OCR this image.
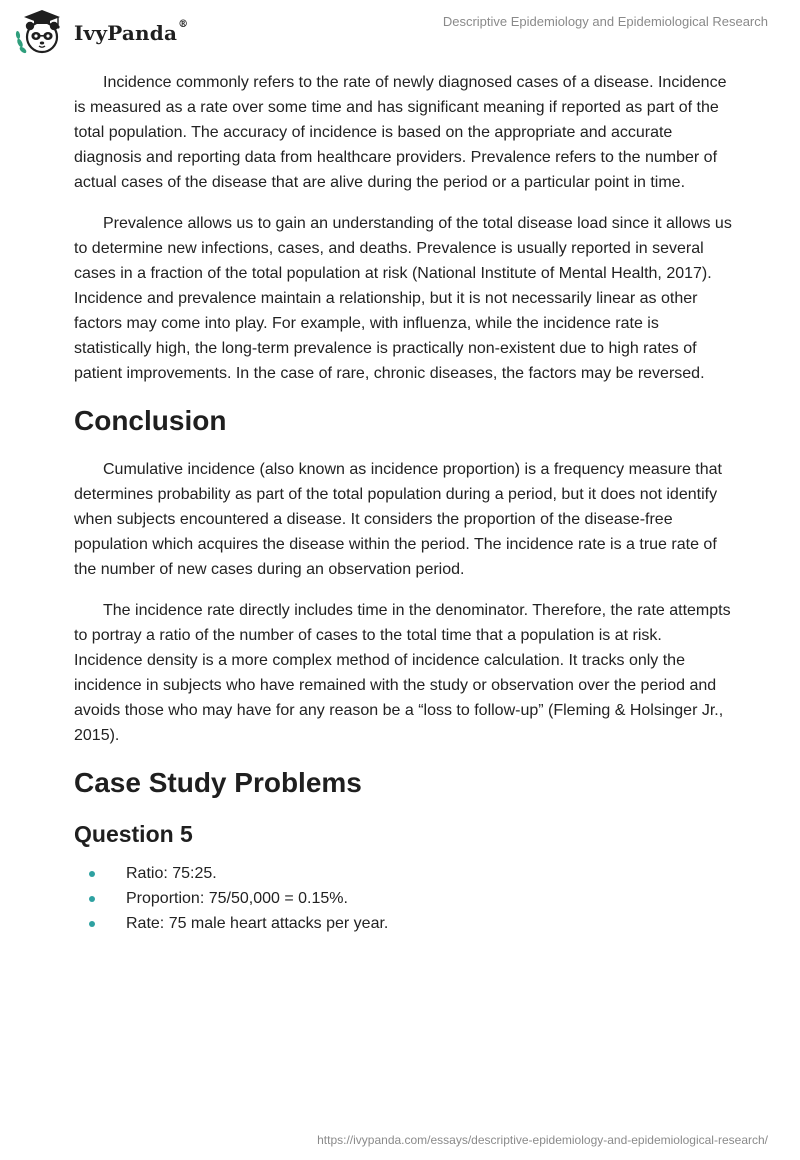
IvyPanda®	Descriptive Epidemiology and Epidemiological Research

Incidence commonly refers to the rate of newly diagnosed cases of a disease. Incidence is measured as a rate over some time and has significant meaning if reported as part of the total population. The accuracy of incidence is based on the appropriate and accurate diagnosis and reporting data from healthcare providers. Prevalence refers to the number of actual cases of the disease that are alive during the period or a particular point in time.

Prevalence allows us to gain an understanding of the total disease load since it allows us to determine new infections, cases, and deaths. Prevalence is usually reported in several cases in a fraction of the total population at risk (National Institute of Mental Health, 2017). Incidence and prevalence maintain a relationship, but it is not necessarily linear as other factors may come into play. For example, with influenza, while the incidence rate is statistically high, the long-term prevalence is practically non-existent due to high rates of patient improvements. In the case of rare, chronic diseases, the factors may be reversed.

Conclusion

Cumulative incidence (also known as incidence proportion) is a frequency measure that determines probability as part of the total population during a period, but it does not identify when subjects encountered a disease. It considers the proportion of the disease-free population which acquires the disease within the period. The incidence rate is a true rate of the number of new cases during an observation period.

The incidence rate directly includes time in the denominator. Therefore, the rate attempts to portray a ratio of the number of cases to the total time that a population is at risk. Incidence density is a more complex method of incidence calculation. It tracks only the incidence in subjects who have remained with the study or observation over the period and avoids those who may have for any reason be a “loss to follow-up” (Fleming & Holsinger Jr., 2015).

Case Study Problems
Question 5
Ratio: 75:25.
Proportion: 75/50,000 = 0.15%.
Rate: 75 male heart attacks per year.
https://ivypanda.com/essays/descriptive-epidemiology-and-epidemiological-research/
